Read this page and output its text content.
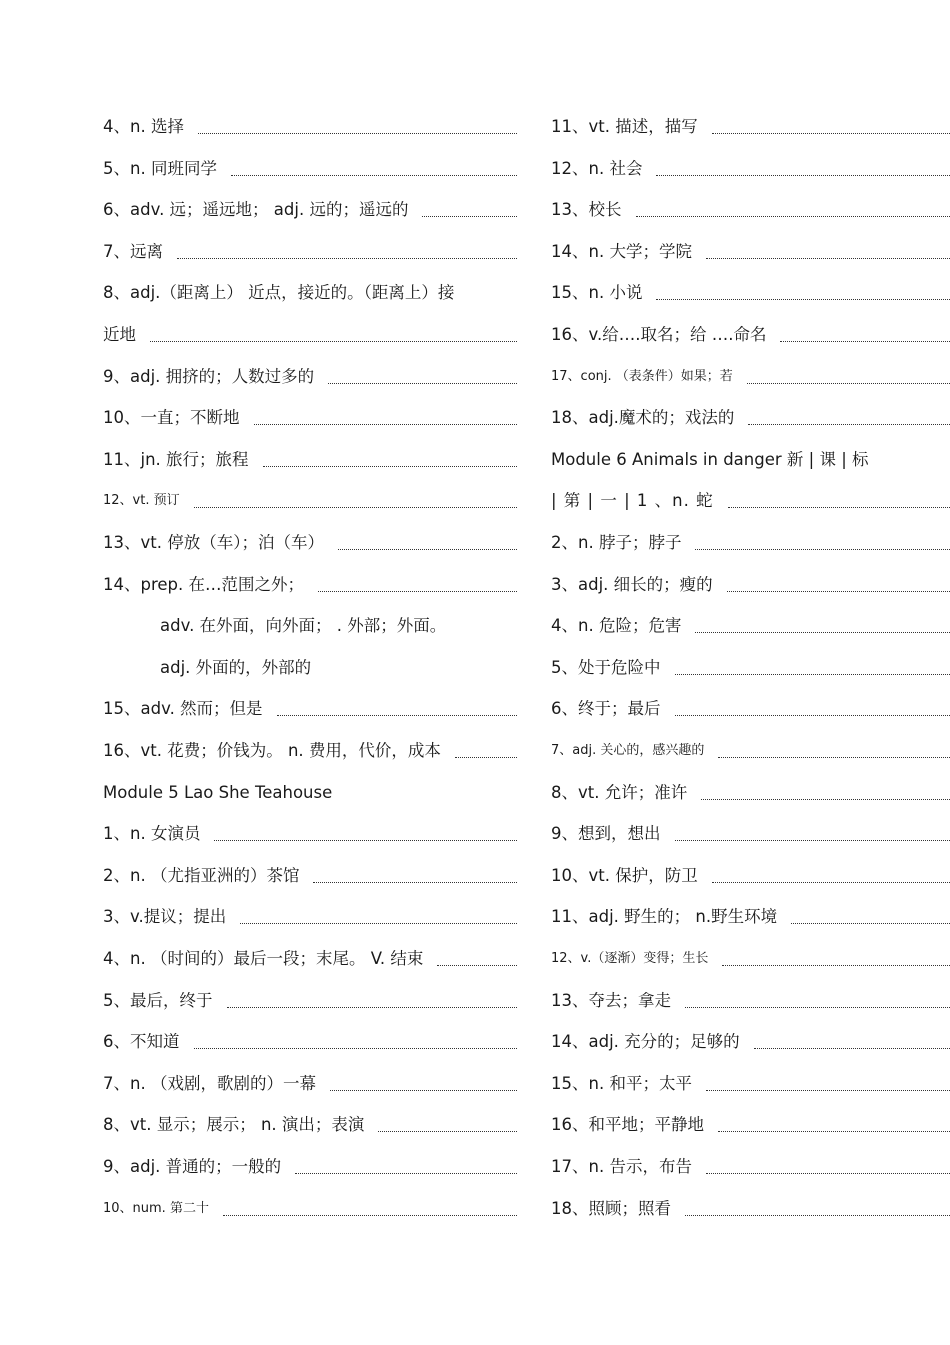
4、n. 选择
5、n. 同班同学
6、adv. 远；遥远地； adj. 远的；遥远的
7、远离
8、adj.（距离上） 近点，接近的。（距离上）接
近地
9、adj. 拥挤的；人数过多的
10、一直；不断地
11、jn. 旅行；旅程
12、vt. 预订
13、vt. 停放（车）；泊（车）
14、prep. 在…范围之外；
adv. 在外面，向外面； . 外部；外面。
adj. 外面的，外部的
15、adv. 然而；但是
16、vt. 花费；价钱为。 n. 费用，代价，成本
Module 5 Lao She Teahouse
1、n. 女演员
2、n. （尤指亚洲的）茶馆
3、v.提议；提出
4、n. （时间的）最后一段；末尾。 V. 结束
5、最后，终于
6、不知道
7、n. （戏剧，歌剧的）一幕
8、vt. 显示；展示； n. 演出；表演
9、adj. 普通的；一般的
10、num. 第二十
11、vt. 描述，描写
12、n. 社会
13、校长
14、n. 大学；学院
15、n. 小说
16、v.给….取名；给 ….命名
17、conj. （表条件）如果；若
18、adj.魔术的；戏法的
Module 6 Animals in danger 新 | 课 | 标
| 第 | 一 | 1 、n. 蛇
2、n. 脖子；脖子
3、adj. 细长的；瘦的
4、n. 危险；危害
5、处于危险中
6、终于；最后
7、adj. 关心的，感兴趣的
8、vt. 允许；准许
9、想到，想出
10、vt. 保护，防卫
11、adj. 野生的； n.野生环境
12、v.（逐渐）变得；生长
13、夺去；拿走
14、adj. 充分的；足够的
15、n. 和平；太平
16、和平地；平静地
17、n. 告示，布告
18、照顾；照看
